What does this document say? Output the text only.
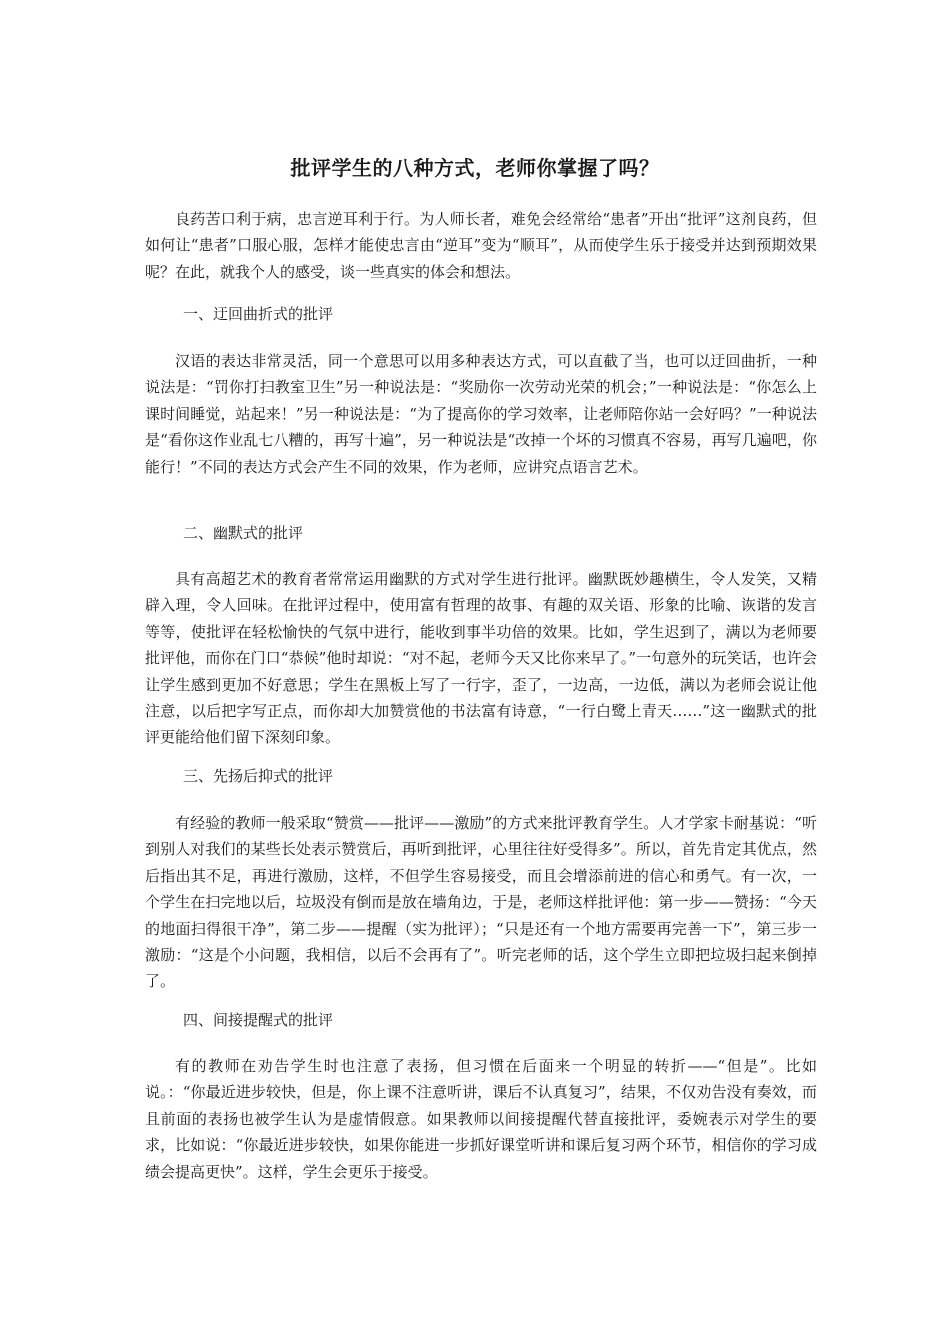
批评学生的八种方式，老师你掌握了吗？

良药苦口利于病，忠言逆耳利于行。为人师长者，难免会经常给“患者”开出“批评”这剂良药，但如何让“患者”口服心服，怎样才能使忠言由“逆耳”变为“顺耳”，从而使学生乐于接受并达到预期效果呢？在此，就我个人的感受，谈一些真实的体会和想法。

一、迂回曲折式的批评

汉语的表达非常灵活，同一个意思可以用多种表达方式，可以直截了当，也可以迂回曲折，一种说法是：“罚你打扫教室卫生”另一种说法是：“奖励你一次劳动光荣的机会；”一种说法是：“你怎么上课时间睡觉，站起来！”另一种说法是：“为了提高你的学习效率，让老师陪你站一会好吗？”一种说法是“看你这作业乱七八糟的，再写十遍”，另一种说法是“改掉一个坏的习惯真不容易，再写几遍吧，你能行！”不同的表达方式会产生不同的效果，作为老师，应讲究点语言艺术。

二、幽默式的批评

具有高超艺术的教育者常常运用幽默的方式对学生进行批评。幽默既妙趣横生，令人发笑，又精辟入理，令人回味。在批评过程中，使用富有哲理的故事、有趣的双关语、形象的比喻、诙谐的发言等等，使批评在轻松愉快的气氛中进行，能收到事半功倍的效果。比如，学生迟到了，满以为老师要批评他，而你在门口“恭候”他时却说：“对不起，老师今天又比你来早了。”一句意外的玩笑话，也许会让学生感到更加不好意思；学生在黑板上写了一行字，歪了，一边高，一边低，满以为老师会说让他注意，以后把字写正点，而你却大加赞赏他的书法富有诗意，“一行白鹭上青天……”这一幽默式的批评更能给他们留下深刻印象。

三、先扬后抑式的批评

有经验的教师一般采取“赞赏——批评——激励”的方式来批评教育学生。人才学家卡耐基说：“听到别人对我们的某些长处表示赞赏后，再听到批评，心里往往好受得多”。所以，首先肯定其优点，然后指出其不足，再进行激励，这样，不但学生容易接受，而且会增添前进的信心和勇气。有一次，一个学生在扫完地以后，垃圾没有倒而是放在墙角边，于是，老师这样批评他：第一步——赞扬：“今天的地面扫得很干净”，第二步——提醒（实为批评）；“只是还有一个地方需要再完善一下”，第三步一激励：“这是个小问题，我相信，以后不会再有了”。听完老师的话，这个学生立即把垃圾扫起来倒掉了。

四、间接提醒式的批评

有的教师在劝告学生时也注意了表扬，但习惯在后面来一个明显的转折——“但是”。比如说。：“你最近进步较快，但是，你上课不注意听讲，课后不认真复习”，结果，不仅劝告没有奏效，而且前面的表扬也被学生认为是虚情假意。如果教师以间接提醒代替直接批评，委婉表示对学生的要求，比如说：“你最近进步较快，如果你能进一步抓好课堂听讲和课后复习两个环节，相信你的学习成绩会提高更快”。这样，学生会更乐于接受。
